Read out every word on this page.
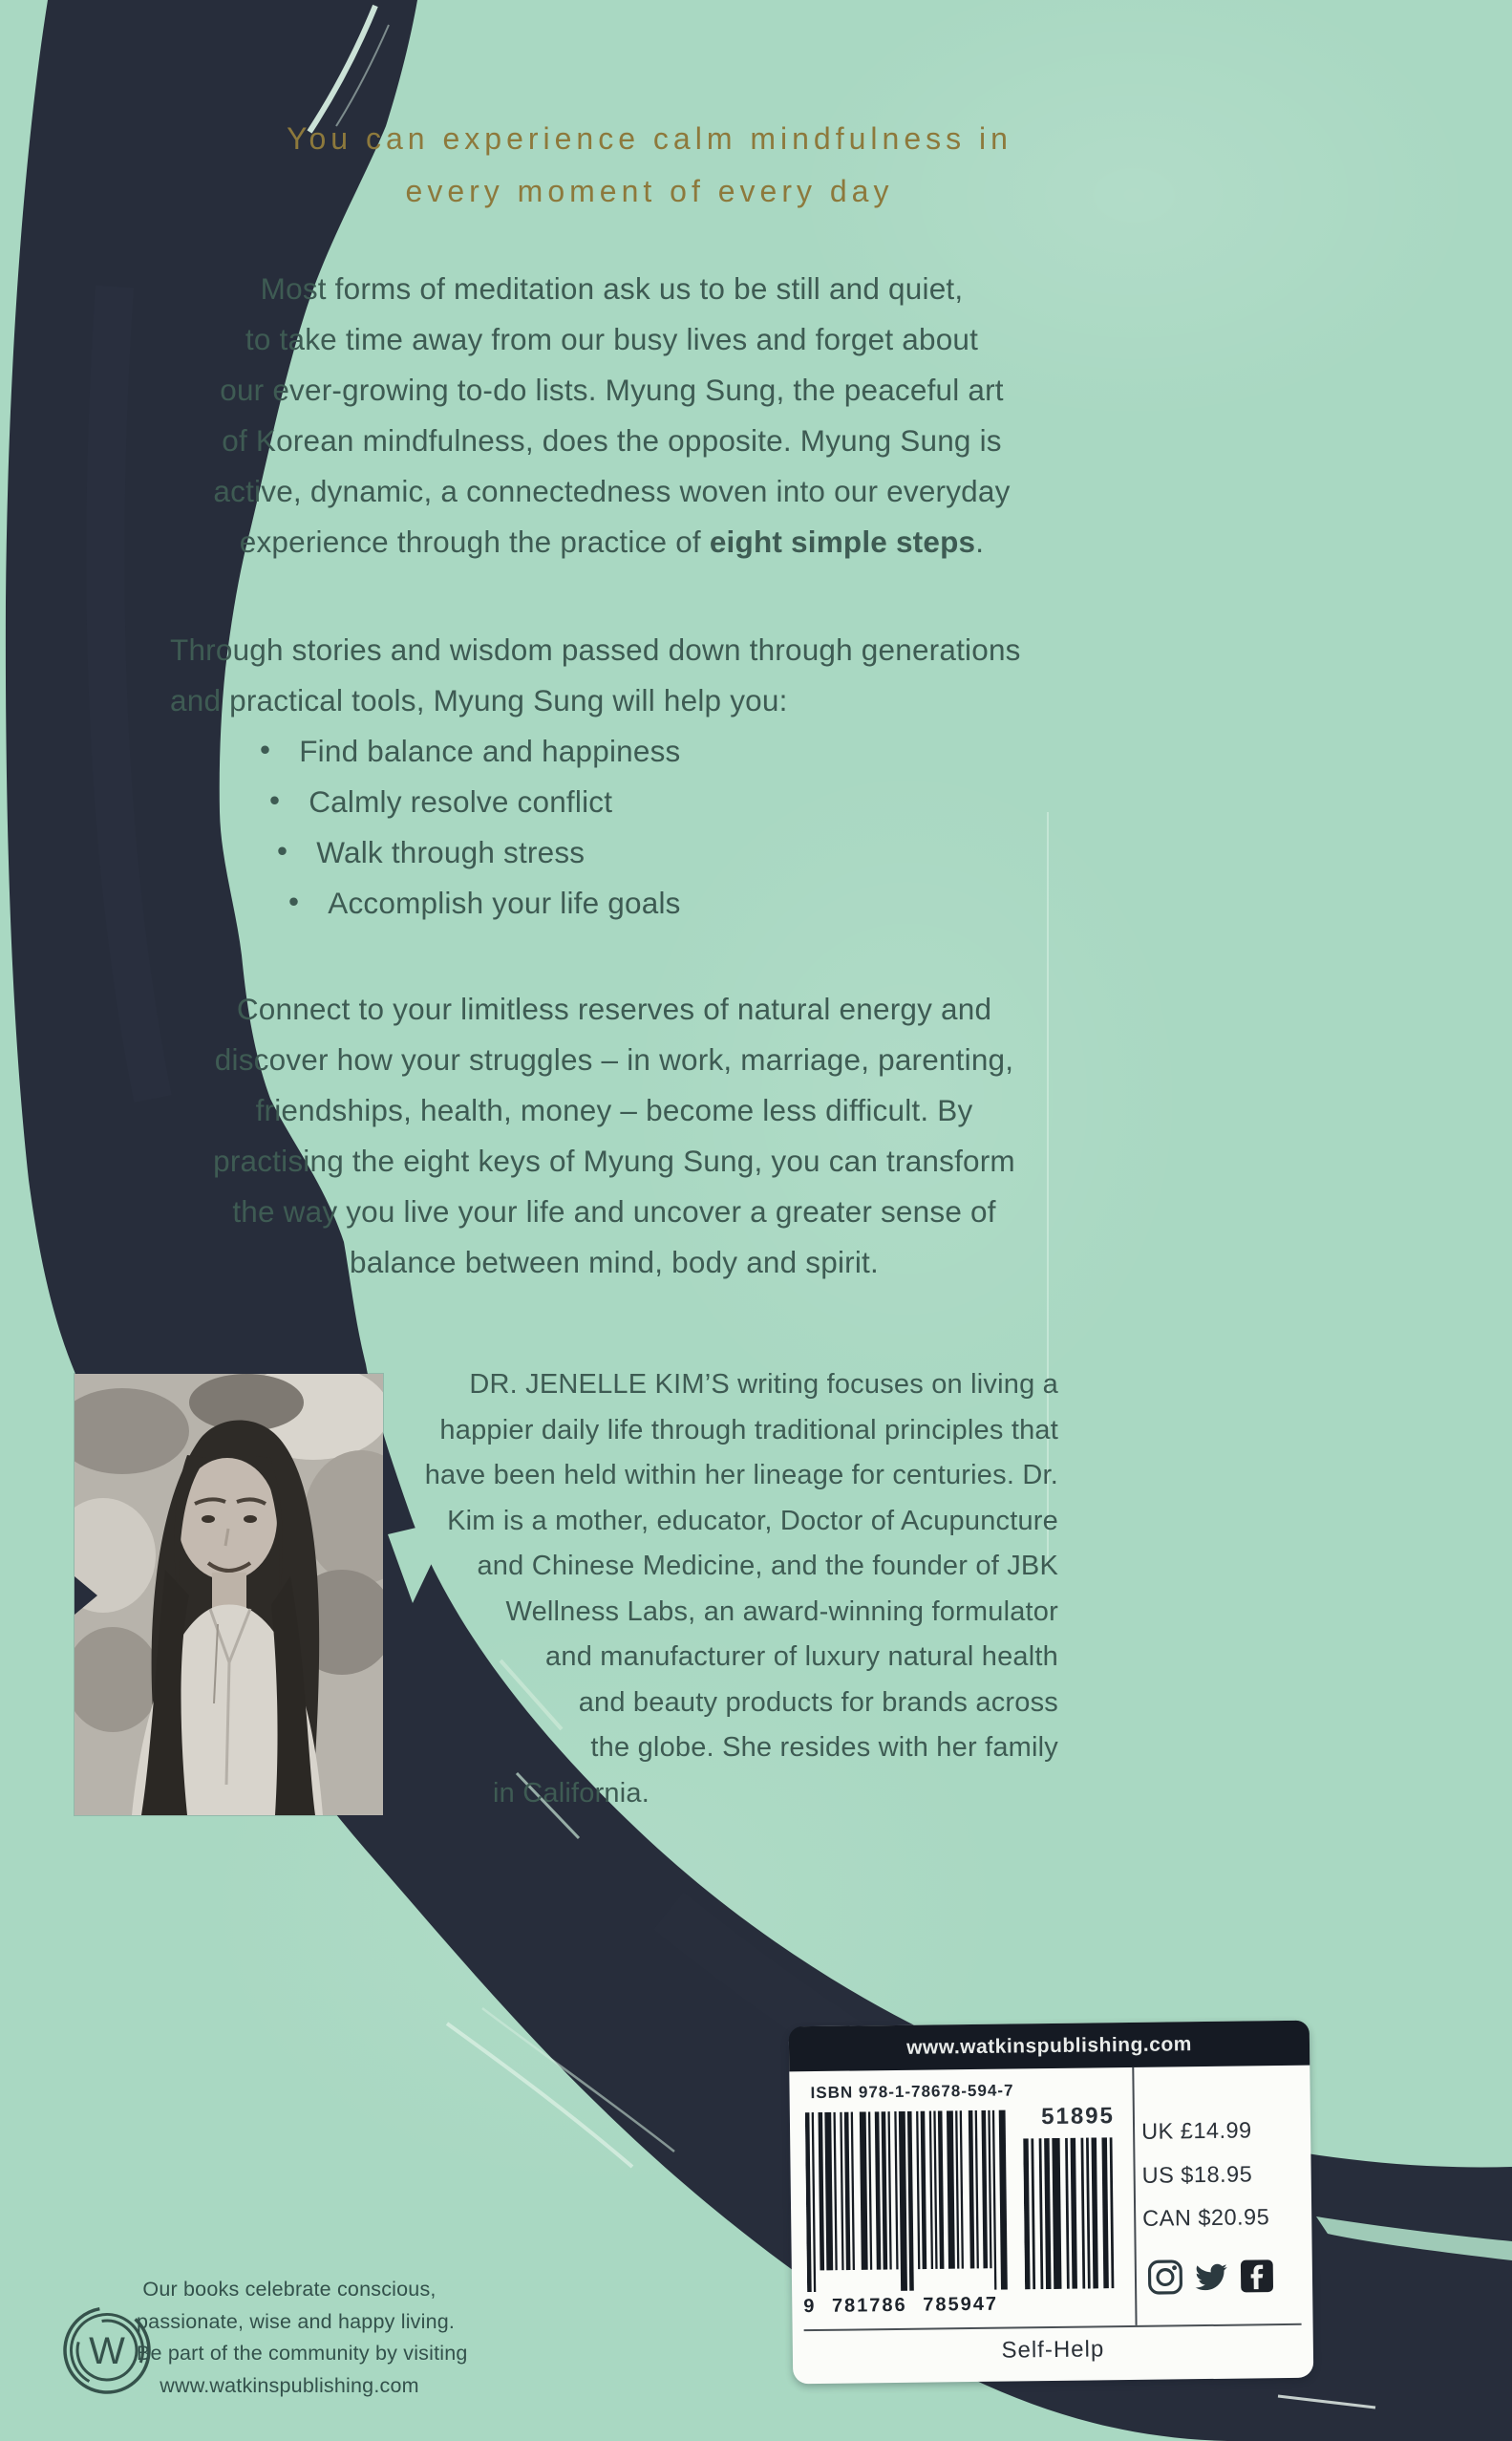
You can experience calm mindfulness in
every moment of every day
Most forms of meditation ask us to be still and quiet,
to take time away from our busy lives and forget about
our ever-growing to-do lists. Myung Sung, the peaceful art
of Korean mindfulness, does the opposite. Myung Sung is
active, dynamic, a connectedness woven into our everyday
experience through the practice of eight simple steps.
Through stories and wisdom passed down through generations
and practical tools, Myung Sung will help you:
• Find balance and happiness
• Calmly resolve conflict
• Walk through stress
• Accomplish your life goals
Connect to your limitless reserves of natural energy and
discover how your struggles – in work, marriage, parenting,
friendships, health, money – become less difficult. By
practising the eight keys of Myung Sung, you can transform
the way you live your life and uncover a greater sense of
balance between mind, body and spirit.
DR. JENELLE KIM’S writing focuses on living a
happier daily life through traditional principles that
have been held within her lineage for centuries. Dr.
Kim is a mother, educator, Doctor of Acupuncture
and Chinese Medicine, and the founder of JBK
Wellness Labs, an award-winning formulator
and manufacturer of luxury natural health
and beauty products for brands across
the globe. She resides with her family
in California.
W
Our books celebrate conscious,
passionate, wise and happy living.
Be part of the community by visiting
www.watkinspublishing.com
www.watkinspublishing.com
ISBN 978-1-78678-594-7
51895
9 781786 785947
UK £14.99
US $18.95
CAN $20.95
Self-Help
